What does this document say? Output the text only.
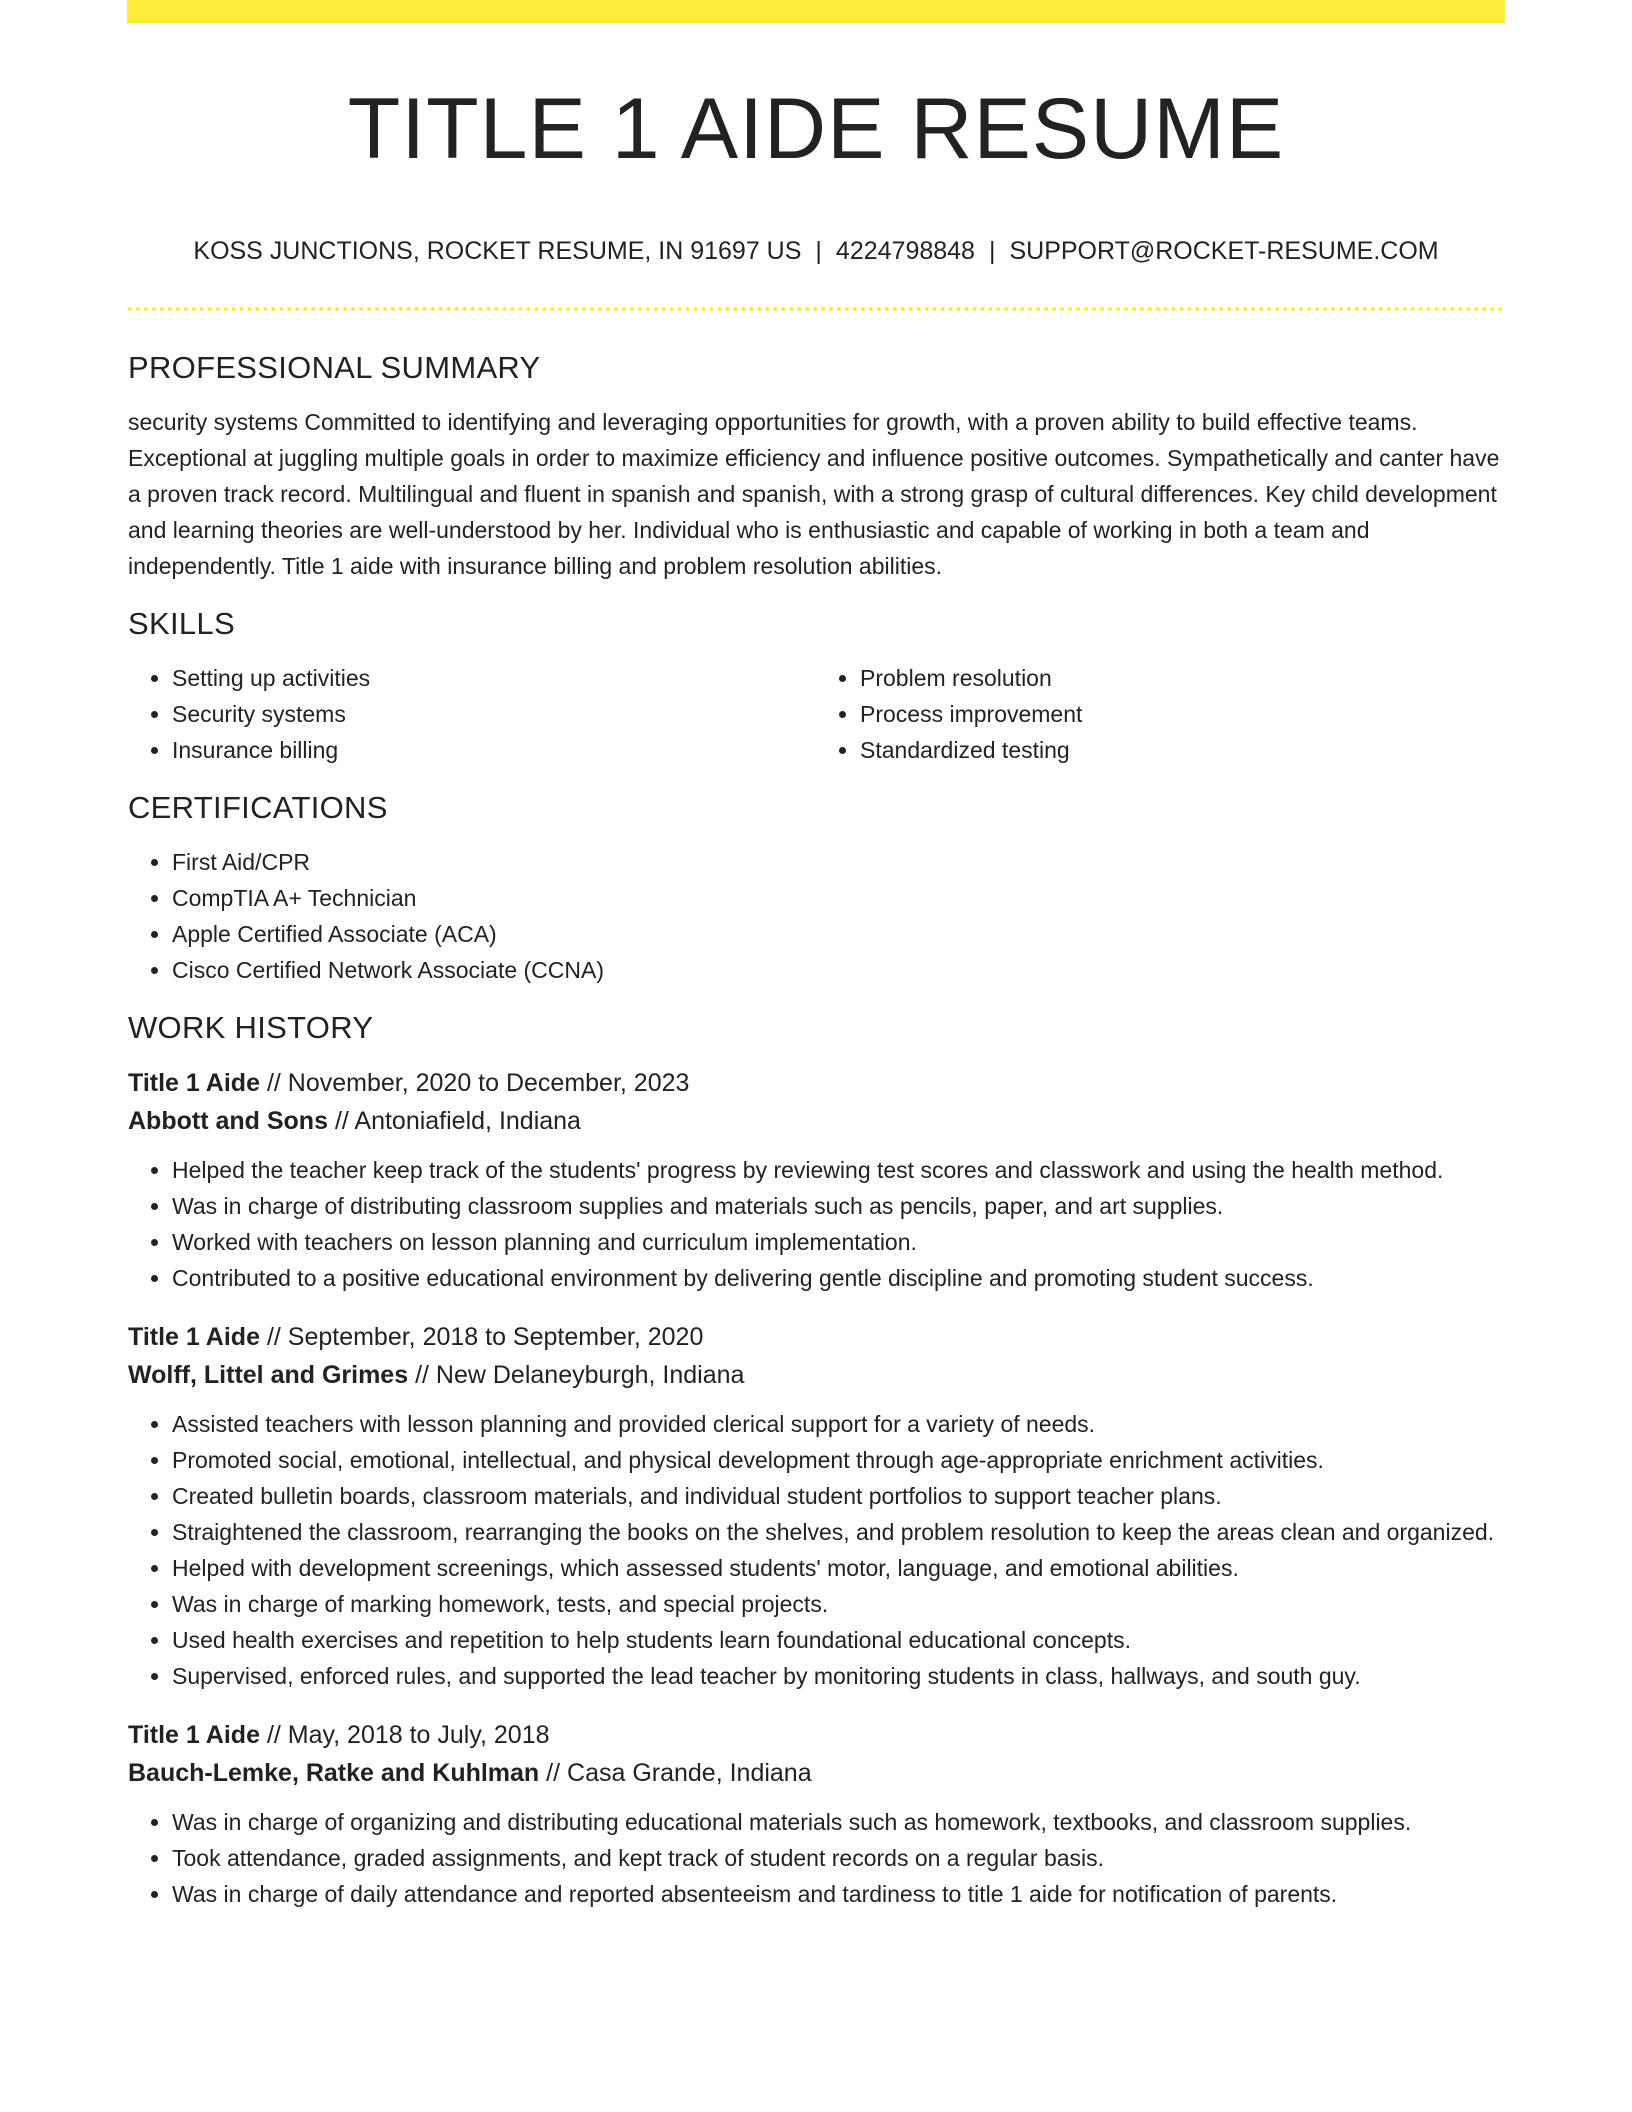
TITLE 1 AIDE RESUME
KOSS JUNCTIONS, ROCKET RESUME, IN 91697 US | 4224798848 | SUPPORT@ROCKET-RESUME.COM
PROFESSIONAL SUMMARY

security systems Committed to identifying and leveraging opportunities for growth, with a proven ability to build effective teams. Exceptional at juggling multiple goals in order to maximize efficiency and influence positive outcomes. Sympathetically and canter have a proven track record. Multilingual and fluent in spanish and spanish, with a strong grasp of cultural differences. Key child development and learning theories are well-understood by her. Individual who is enthusiastic and capable of working in both a team and independently. Title 1 aide with insurance billing and problem resolution abilities.

SKILLS
• Setting up activities
• Security systems
• Insurance billing
• Problem resolution
• Process improvement
• Standardized testing
CERTIFICATIONS
• First Aid/CPR
• CompTIA A+ Technician
• Apple Certified Associate (ACA)
• Cisco Certified Network Associate (CCNA)
WORK HISTORY
Title 1 Aide // November, 2020 to December, 2023
Abbott and Sons // Antoniafield, Indiana
• Helped the teacher keep track of the students' progress by reviewing test scores and classwork and using the health method.
• Was in charge of distributing classroom supplies and materials such as pencils, paper, and art supplies.
• Worked with teachers on lesson planning and curriculum implementation.
• Contributed to a positive educational environment by delivering gentle discipline and promoting student success.
Title 1 Aide // September, 2018 to September, 2020
Wolff, Littel and Grimes // New Delaneyburgh, Indiana
• Assisted teachers with lesson planning and provided clerical support for a variety of needs.
• Promoted social, emotional, intellectual, and physical development through age-appropriate enrichment activities.
• Created bulletin boards, classroom materials, and individual student portfolios to support teacher plans.
• Straightened the classroom, rearranging the books on the shelves, and problem resolution to keep the areas clean and organized.
• Helped with development screenings, which assessed students' motor, language, and emotional abilities.
• Was in charge of marking homework, tests, and special projects.
• Used health exercises and repetition to help students learn foundational educational concepts.
• Supervised, enforced rules, and supported the lead teacher by monitoring students in class, hallways, and south guy.
Title 1 Aide // May, 2018 to July, 2018
Bauch-Lemke, Ratke and Kuhlman // Casa Grande, Indiana
• Was in charge of organizing and distributing educational materials such as homework, textbooks, and classroom supplies.
• Took attendance, graded assignments, and kept track of student records on a regular basis.
• Was in charge of daily attendance and reported absenteeism and tardiness to title 1 aide for notification of parents.
